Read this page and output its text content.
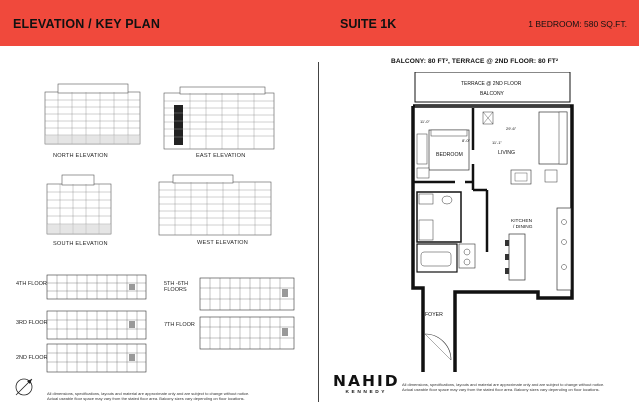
ELEVATION / KEY PLAN	SUITE 1K	1 BEDROOM: 580 SQ.FT.
NORTH ELEVATION	EAST ELEVATION
SOUTH ELEVATION	WEST ELEVATION
4TH FLOOR	5TH -6TH
FLOORS
3RD FLOOR	7TH FLOOR
2ND FLOOR
All dimensions, specifications, layouts and material are approximate only and are subject to change without notice.
Actual useable floor space may vary from the stated floor area. Balcony sizes vary depending on floor locations.
BALCONY: 80 FT², TERRACE @ 2ND FLOOR: 80 FT²
TERRACE @ 2ND FLOOR
BALCONY
BEDROOM
11'-0"
8'-0"
LIVING
29'-6"
11'-1"
KITCHEN
/ DINING
FOYER
NAHID
KENNEDY
All dimensions, specifications, layouts and material are approximate only and are subject to change without notice.
Actual useable floor space may vary from the stated floor area. Balcony sizes vary depending on floor locations.
